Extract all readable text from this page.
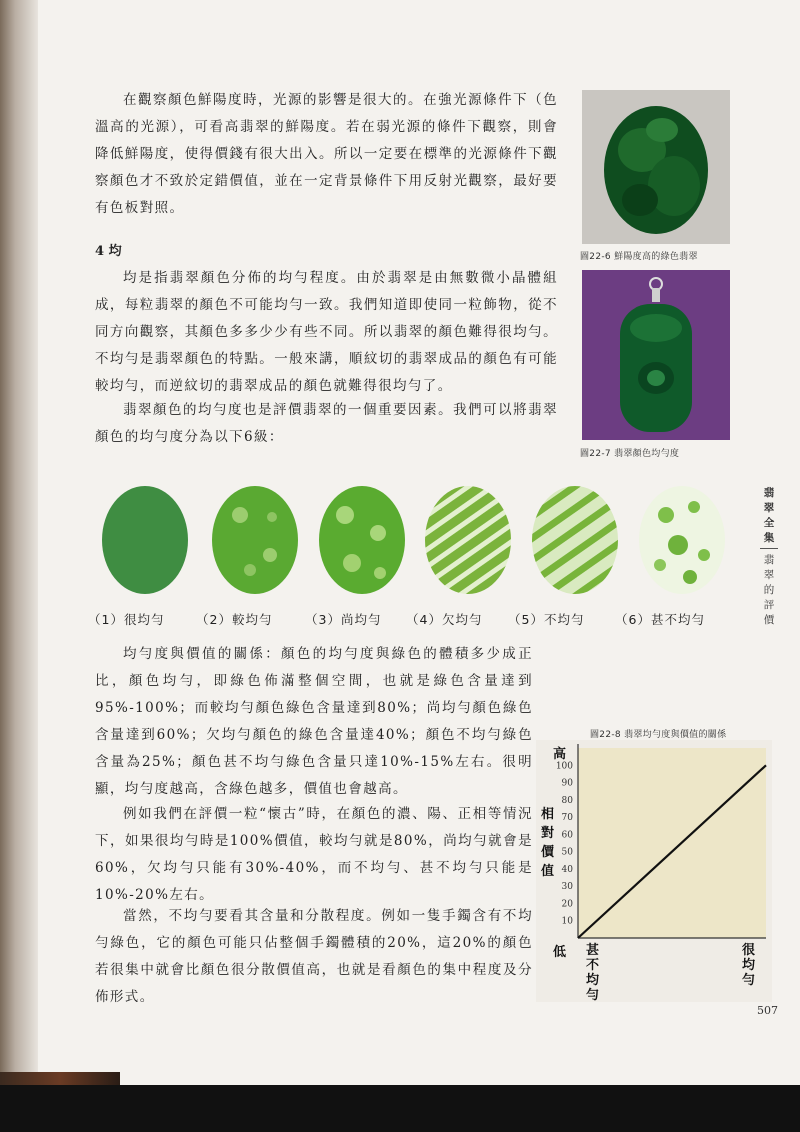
在觀察顏色鮮陽度時，光源的影響是很大的。在強光源條件下（色溫高的光源），可看高翡翠的鮮陽度。若在弱光源的條件下觀察，則會降低鮮陽度，使得價錢有很大出入。所以一定要在標準的光源條件下觀察顏色才不致於定錯價值，並在一定背景條件下用反射光觀察，最好要有色板對照。

圖22-6 鮮陽度高的綠色翡翠
4 均

均是指翡翠顏色分佈的均勻程度。由於翡翠是由無數微小晶體組成，每粒翡翠的顏色不可能均勻一致。我們知道即使同一粒飾物，從不同方向觀察，其顏色多多少少有些不同。所以翡翠的顏色難得很均勻。不均勻是翡翠顏色的特點。一般來講，順紋切的翡翠成品的顏色有可能較均勻，而逆紋切的翡翠成品的顏色就難得很均勻了。

翡翠顏色的均勻度也是評價翡翠的一個重要因素。我們可以將翡翠顏色的均勻度分為以下6級：

圖22-7 翡翠顏色均勻度
（1）很均勻	（2）較均勻	（3）尚均勻 （4）欠均勻 （5）不均勻 （6）甚不均勻
翡翠全集
翡翠的評價

均勻度與價值的關係：顏色的均勻度與綠色的體積多少成正比，顏色均勻，即綠色佈滿整個空間，也就是綠色含量達到95%-100%；而較均勻顏色綠色含量達到80%；尚均勻顏色綠色含量達到60%；欠均勻顏色的綠色含量達40%；顏色不均勻綠色含量為25%；顏色甚不均勻綠色含量只達10%-15%左右。很明顯，均勻度越高，含綠色越多，價值也會越高。

例如我們在評價一粒“懷古”時，在顏色的濃、陽、正相等情況下，如果很均勻時是100%價值，較均勻就是80%，尚均勻就會是60%，欠均勻只能有30%-40%，而不均勻、甚不均勻只能是10%-20%左右。

當然，不均勻要看其含量和分散程度。例如一隻手鐲含有不均勻綠色，它的顏色可能只佔整個手鐲體積的20%，這20%的顏色若很集中就會比顏色很分散價值高，也就是看顏色的集中程度及分佈形式。

圖22-8 翡翠均勻度與價值的關係
10
20
30
40
50
60
70
80
90
100
高
低
相
對
價
值
甚
不
均
勻
很
均
勻
507
